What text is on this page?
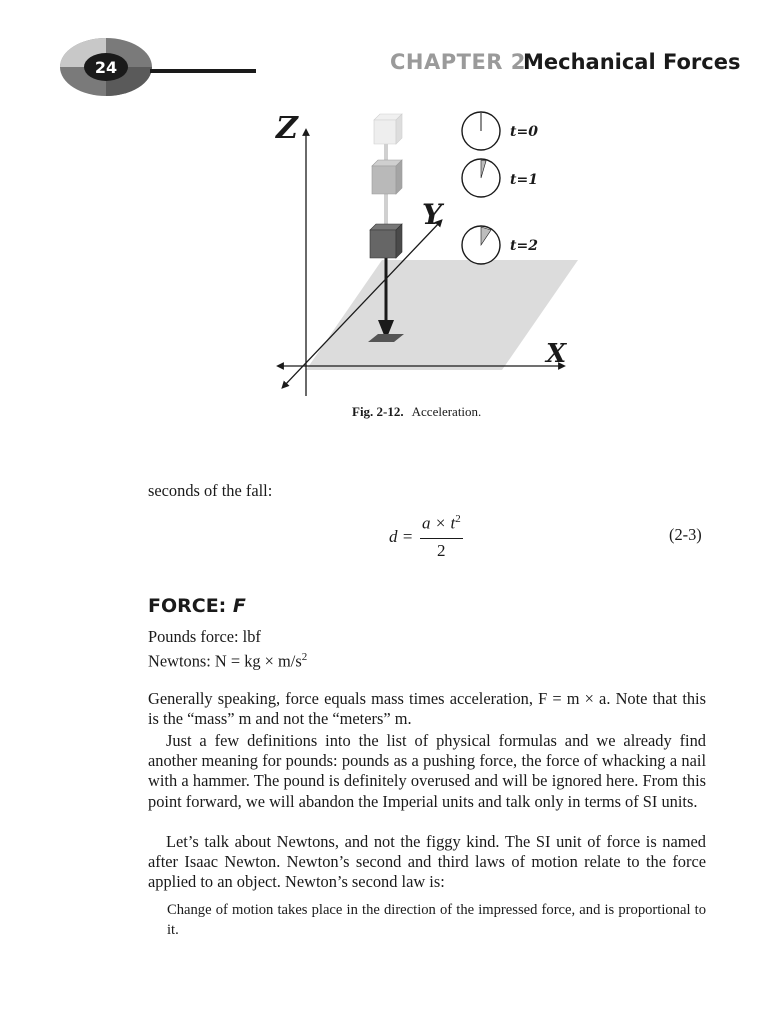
24	CHAPTER 2
Mechanical Forces
Z
Y
X
t=0
t=1
t=2
Fig. 2-12. Acceleration.

seconds of the fall:

d =
$a \times t^2$
2
(2-3)
FORCE: F
Pounds force: lbf
Newtons: N = kg × $m/s^2$

Generally speaking, force equals mass times acceleration, F = m × a. Note that this is the “mass” m and not the “meters” m.

Just a few definitions into the list of physical formulas and we already find another meaning for pounds: pounds as a pushing force, the force of whacking a nail with a hammer. The pound is definitely overused and will be ignored here. From this point forward, we will abandon the Imperial units and talk only in terms of SI units.

Let’s talk about Newtons, and not the figgy kind. The SI unit of force is named after Isaac Newton. Newton’s second and third laws of motion relate to the force applied to an object. Newton’s second law is:

Change of motion takes place in the direction of the impressed force, and is proportional to it.
